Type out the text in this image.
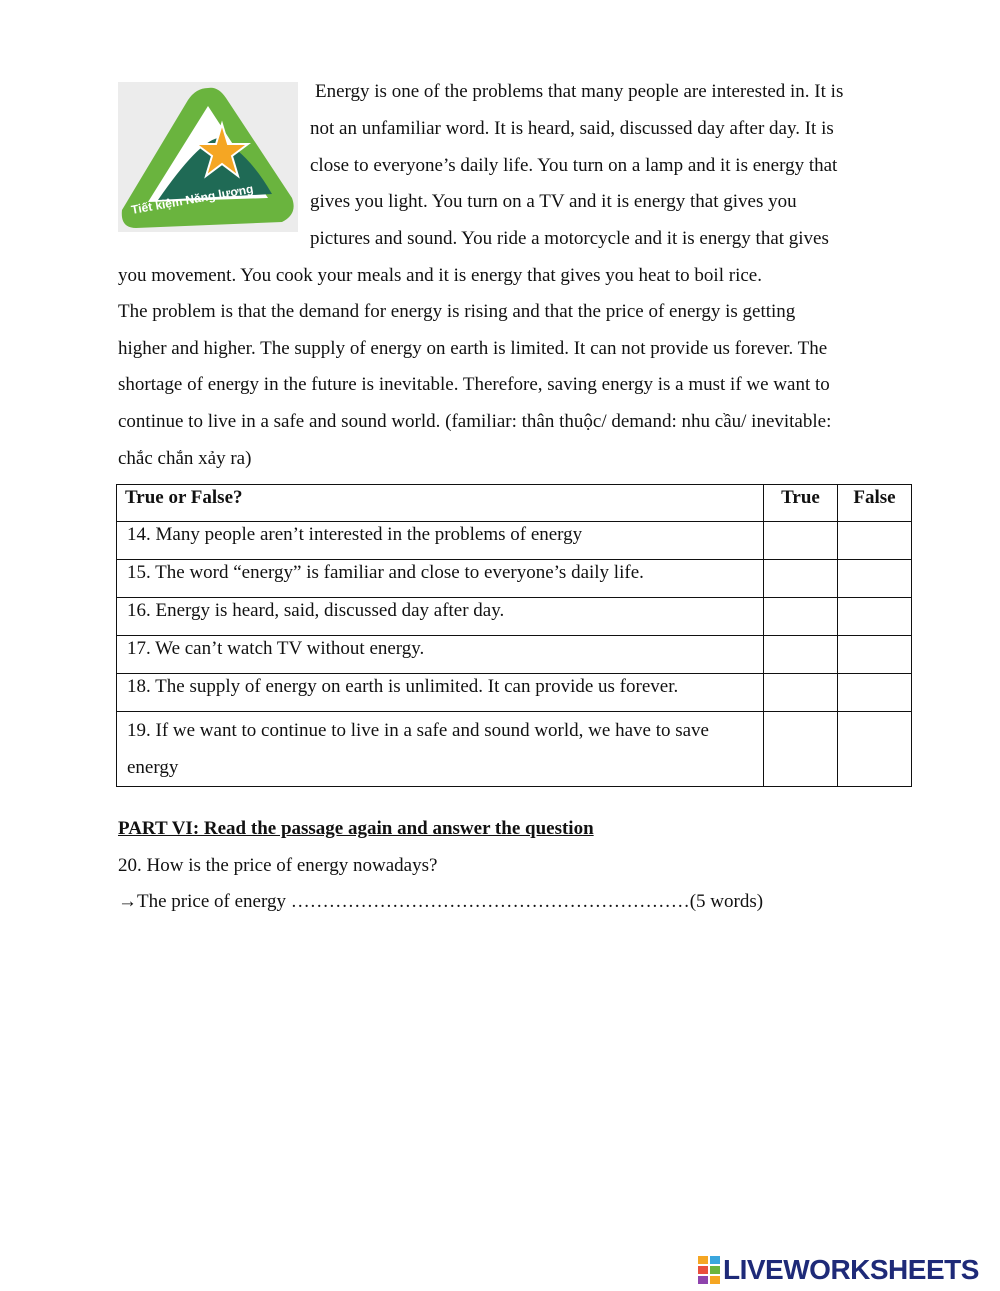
Tiết kiệm Năng lượng
Energy is one of the problems that many people are interested in. It is
not an unfamiliar word. It is heard, said, discussed day after day. It is
close to everyone’s daily life. You turn on a lamp and it is energy that
gives you light. You turn on a TV and it is energy that gives you
pictures and sound. You ride a motorcycle and it is energy that gives
you movement. You cook your meals and it is energy that gives you heat to boil rice.
The problem is that the demand for energy is rising and that the price of energy is getting
higher and higher. The supply of energy on earth is limited. It can not provide us forever. The
shortage of energy in the future is inevitable. Therefore, saving energy is a must if we want to
continue to live in a safe and sound world. (familiar: thân thuộc/ demand: nhu cầu/ inevitable:
chắc chắn xảy ra)
True or False?	True	False
14. Many people aren’t interested in the problems of energy		
15. The word “energy” is familiar and close to everyone’s daily life.		
16. Energy is heard, said, discussed day after day.		
17. We can’t watch TV without energy.		
18. The supply of energy on earth is unlimited. It can provide us forever.		
19. If we want to continue to live in a safe and sound world, we have to save energy		
PART VI: Read the passage again and answer the question
20. How is the price of energy nowadays?
→The price of energy ………………………………………………………(5 words)
LIVEWORKSHEETS
